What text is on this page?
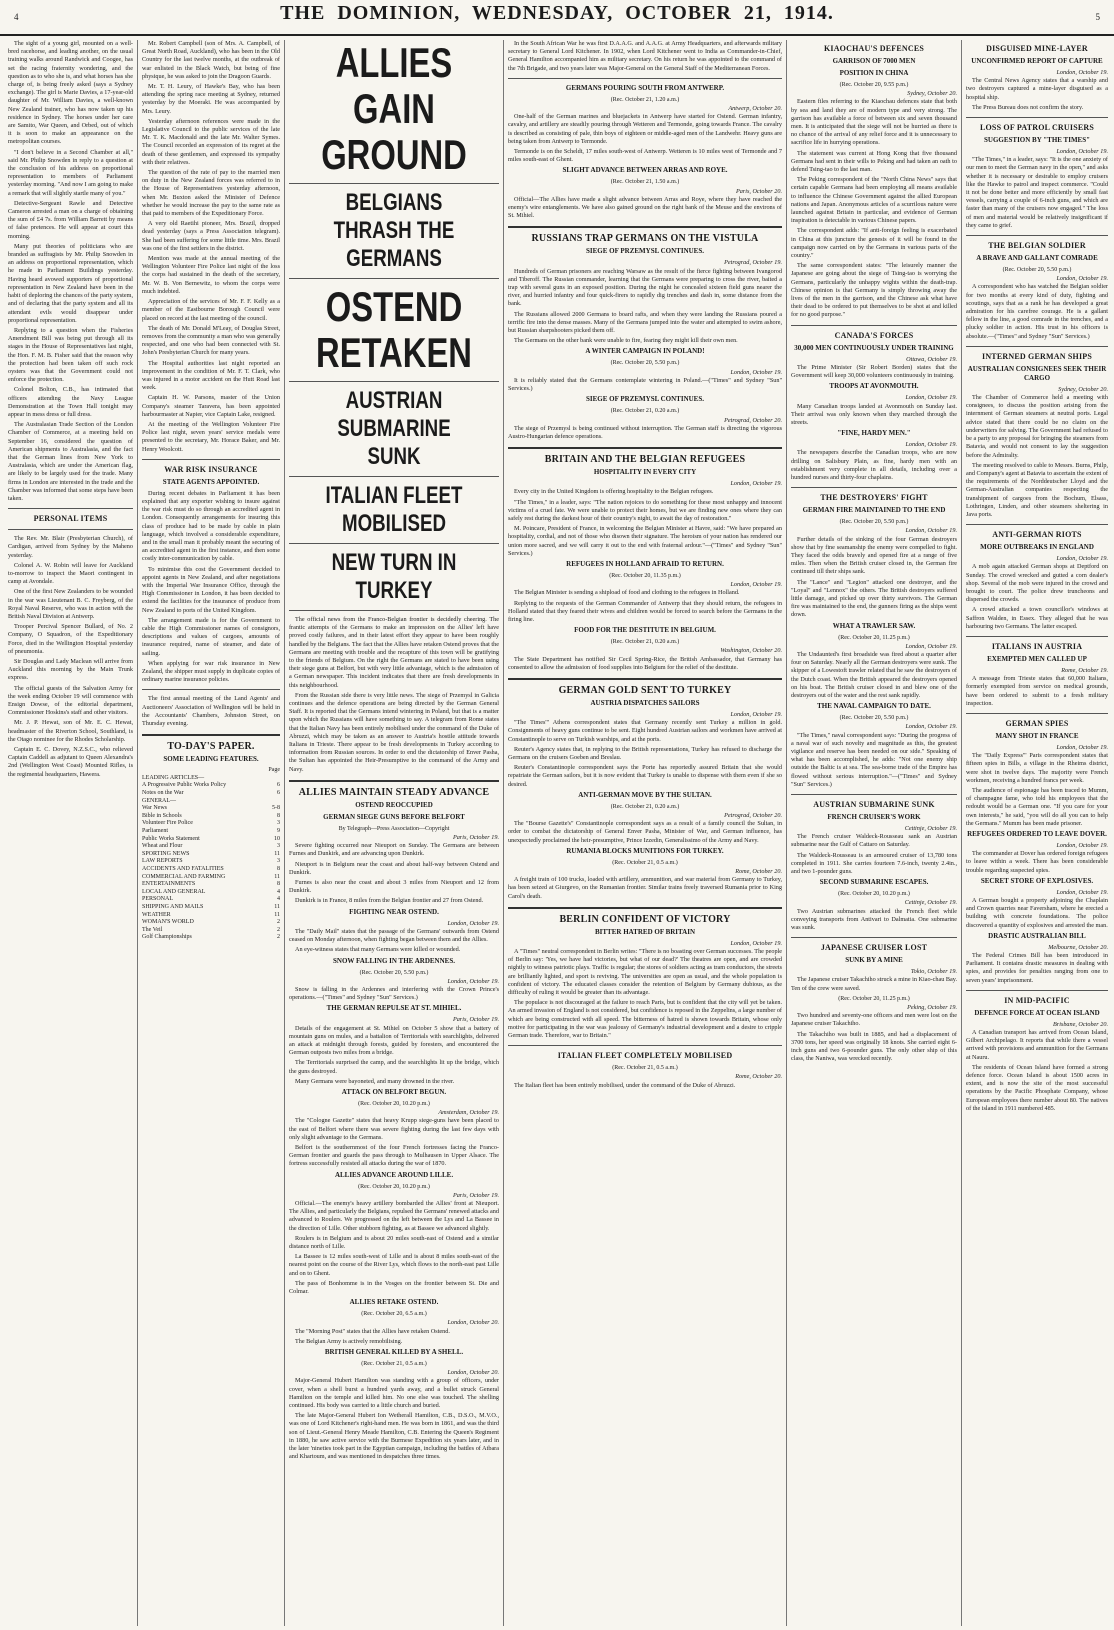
4	THE DOMINION, WEDNESDAY, OCTOBER 21, 1914.	5

The sight of a young girl, mounted on a well-bred racehorse, and leading another, on the usual training walks around Randwick and Coogee, has set the racing fraternity wondering, and the question as to who she is, and what horses has she charge of, is being freely asked (says a Sydney exchange). The girl is Marie Davies, a 17-year-old daughter of Mr. William Davies, a well-known New Zealand trainer, who has now taken up his residence in Sydney. The horses under her care are Samito, War Queen, and Orbed, out of which it is soon to make an appearance on the metropolitan courses.

"I don't believe in a Second Chamber at all," said Mr. Philip Snowden in reply to a question at the conclusion of his address on proportional representation to members of Parliament yesterday morning. "And now I am going to make a remark that will slightly startle many of you."

Detective-Sergeant Rawle and Detective Cameron arrested a man on a charge of obtaining the sum of £4 7s. from William Barrett by means of false pretences. He will appear at court this morning.

Many put theories of politicians who are branded as suffragists by Mr. Philip Snowden in an address on proportional representation, which he made in Parliament Buildings yesterday. Having heard avowed supporters of proportional representation in New Zealand have been in the habit of deploring the chances of the party system, and of declaring that the party system and all its attendant evils would disappear under proportional representation.

Replying to a question when the Fisheries Amendment Bill was being put through all its stages in the House of Representatives last night, the Hon. F. M. B. Fisher said that the reason why the protection had been taken off such rock oysters was that the Government could not enforce the protection.

Colonel Bolton, C.B., has intimated that officers attending the Navy League Demonstration at the Town Hall tonight may appear in mess dress or full dress.

The Australasian Trade Section of the London Chamber of Commerce, at a meeting held on September 16, considered the question of American shipments to Australasia, and the fact that the German lines from New York to Australasia, which are under the American flag, are likely to be largely used for the trade. Many firms in London are interested in the trade and the Chamber was informed that some steps have been taken.

PERSONAL ITEMS

The Rev. Mr. Blair (Presbyterian Church), of Cardigan, arrived from Sydney by the Maheno yesterday.

Colonel A. W. Robin will leave for Auckland to-morrow to inspect the Maori contingent in camp at Avondale.

One of the first New Zealanders to be wounded in the war was Lieutenant B. C. Freyberg, of the Royal Naval Reserve, who was in action with the British Naval Division at Antwerp.

Trooper Percival Spencer Bullard, of No. 2 Company, O Squadron, of the Expeditionary Force, died in the Wellington Hospital yesterday of pneumonia.

Sir Douglas and Lady Maclean will arrive from Auckland this morning by the Main Trunk express.

The official guests of the Salvation Army for the week ending October 19 will commence with Ensign Dowse, of the editorial department, Commissioner Hoskins's staff and other visitors.

Mr. J. P. Hewat, son of Mr. E. C. Hewat, headmaster of the Riverton School, Southland, is the Otago nominee for the Rhodes Scholarship.

Captain E. C. Dovey, N.Z.S.C., who relieved Captain Caddell as adjutant to Queen Alexandra's 2nd (Wellington West Coast) Mounted Rifles, is the regimental headquarters, Hawera.

Mr. Robert Campbell (son of Mrs. A. Campbell, of Great North Road, Auckland), who has been in the Old Country for the last twelve months, at the outbreak of war enlisted in the Black Watch, but being of fine physique, he was asked to join the Dragoon Guards.

Mr. T. H. Leury, of Hawke's Bay, who has been attending the spring race meeting at Sydney, returned yesterday by the Moeraki. He was accompanied by Mrs. Leury.

Yesterday afternoon references were made in the Legislative Council to the public services of the late Mr. T. K. Macdonald and the late Mr. Walter Symes. The Council recorded an expression of its regret at the death of these gentlemen, and expressed its sympathy with their relatives.

The question of the rate of pay to the married men on duty in the New Zealand forces was referred to in the House of Representatives yesterday afternoon, when Mr. Buxton asked the Minister of Defence whether he would increase the pay to the same rate as that paid to members of the Expeditionary Force.

A very old Raetihi pioneer, Mrs. Brazil, dropped dead yesterday (says a Press Association telegram). She had been suffering for some little time. Mrs. Brazil was one of the first settlers in the district.

Mention was made at the annual meeting of the Wellington Volunteer Fire Police last night of the loss the corps had sustained in the death of the secretary, Mr. W. B. Von Bernewitz, to whom the corps were much indebted.

Appreciation of the services of Mr. F. F. Kelly as a member of the Eastbourne Borough Council were placed on record at the last meeting of the council.

The death of Mr. Donald M'Leay, of Douglas Street, removes from the community a man who was generally respected, and one who had been connected with St. John's Presbyterian Church for many years.

The Hospital authorities last night reported an improvement in the condition of Mr. F. T. Clark, who was injured in a motor accident on the Hutt Road last week.

Captain H. W. Parsons, master of the Union Company's steamer Taravera, has been appointed harbourmaster at Napier, vice Captain Lake, resigned.

At the meeting of the Wellington Volunteer Fire Police last night, seven years' service medals were presented to the secretary, Mr. Horace Baker, and Mr. Henry Woolcott.

WAR RISK INSURANCE
STATE AGENTS APPOINTED.

During recent debates in Parliament it has been explained that any exporter wishing to insure against the war risk must do so through an accredited agent in London. Consequently arrangements for insuring this class of produce had to be made by cable in plain language, which involved a considerable expenditure, and in the small man it probably meant the securing of an accredited agent in the first instance, and then some costly inter-communication by cable.

To minimise this cost the Government decided to appoint agents in New Zealand, and after negotiations with the Imperial War Insurance Office, through the High Commissioner in London, it has been decided to extend the facilities for the insurance of produce from New Zealand to ports of the United Kingdom.

The arrangement made is for the Government to cable the High Commissioner names of consignors, descriptions and values of cargoes, amounts of insurance required, name of steamer, and date of sailing.

When applying for war risk insurance in New Zealand, the shipper must supply in duplicate copies of ordinary marine insurance policies.

The first annual meeting of the Land Agents' and Auctioneers' Association of Wellington will be held in the Accountants' Chambers, Johnston Street, on Thursday evening.

TO-DAY'S PAPER.
SOME LEADING FEATURES.
Page
LEADING ARTICLES—
A Progressive Public Works Policy	6
Notes on the War	6
GENERAL—
War News	5-8
Bible in Schools	8
Volunteer Fire Police	3
Parliament	9
Public Works Statement	10
Wheat and Flour	3
SPORTING NEWS	11
LAW REPORTS	3
ACCIDENTS AND FATALITIES	8
COMMERCIAL AND FARMING	11
ENTERTAINMENTS	8
LOCAL AND GENERAL	4
PERSONAL	4
SHIPPING AND MAILS	11
WEATHER	11
WOMAN'S WORLD	2
The Veil	2
Golf Championships	2
ALLIES GAIN GROUND
BELGIANS THRASH THE GERMANS
OSTEND RETAKEN
AUSTRIAN SUBMARINE SUNK
ITALIAN FLEET MOBILISED
NEW TURN IN TURKEY

The official news from the Franco-Belgian frontier is decidedly cheering. The frantic attempts of the Germans to make an impression on the Allies' left have proved costly failures, and in their latest effort they appear to have been roughly handled by the Belgians. The fact that the Allies have retaken Ostend proves that the Germans are meeting with trouble and the recapture of this town will be gratifying to the friends of Belgium. On the right the Germans are stated to have been using their siege guns at Belfort, but with very little advantage, which is the admission of a German newspaper. This incident indicates that there are fresh developments in this neighbourhood.

From the Russian side there is very little news. The siege of Przemysl in Galicia continues and the defence operations are being directed by the German General Staff. It is reported that the Germans intend wintering in Poland, but that is a matter upon which the Russians will have something to say. A telegram from Rome states that the Italian Navy has been entirely mobilised under the command of the Duke of Abruzzi, which may be taken as an answer to Austria's hostile attitude towards Italians in Trieste. There appear to be fresh developments in Turkey according to information from Russian sources. In order to end the dictatorship of Enver Pasha, the Sultan has appointed the Heir-Presumptive to the command of the Army and Navy.

ALLIES MAINTAIN STEADY ADVANCE
OSTEND REOCCUPIED
GERMAN SIEGE GUNS BEFORE BELFORT

By Telegraph—Press Association—Copyright

Paris, October 19.

Severe fighting occurred near Nieuport on Sunday. The Germans are between Furnes and Dunkirk, and are advancing upon Dunkirk.

Nieuport is in Belgium near the coast and about half-way between Ostend and Dunkirk.

Furnes is also near the coast and about 3 miles from Nieuport and 12 from Dunkirk.

Dunkirk is in France, 8 miles from the Belgian frontier and 27 from Ostend.

FIGHTING NEAR OSTEND.

London, October 19.

The "Daily Mail" states that the passage of the Germans' outwards from Ostend ceased on Monday afternoon, when fighting began between them and the Allies.

An eye-witness states that many Germans were killed or wounded.

SNOW FALLING IN THE ARDENNES.

(Rec. October 20, 5.50 p.m.)

London, October 19.

Snow is falling in the Ardennes and interfering with the Crown Prince's operations.—("Times" and Sydney "Sun" Services.)

THE GERMAN REPULSE AT ST. MIHIEL.

Paris, October 19.

Details of the engagement at St. Mihiel on October 5 show that a battery of mountain guns on mules, and a battalion of Territorials with searchlights, delivered an attack at midnight through forests, guided by foresters, and encountered the German outposts two miles from a bridge.

The Territorials surprised the camp, and the searchlights lit up the bridge, which the guns destroyed.

Many Germans were bayoneted, and many drowned in the river.

ATTACK ON BELFORT BEGUN.

(Rec. October 20, 10.20 p.m.)

Amsterdam, October 19.

The "Cologne Gazette" states that heavy Krupp siege-guns have been placed to the east of Belfort where there was severe fighting during the last few days with only slight advantage to the Germans.

Belfort is the southernmost of the four French fortresses facing the Franco-German frontier and guards the pass through to Mulhausen in Upper Alsace. The fortress successfully resisted all attacks during the war of 1870.

ALLIES ADVANCE AROUND LILLE.

(Rec. October 20, 10.20 p.m.)

Paris, October 19.

Official.—The enemy's heavy artillery bombarded the Allies' front at Nieuport. The Allies, and particularly the Belgians, repulsed the Germans' renewed attacks and advanced to Roulers. We progressed on the left between the Lys and La Bassee in the direction of Lille. Other stubborn fighting, as at Bassee we advanced slightly.

Roulers is in Belgium and is about 20 miles south-east of Ostend and a similar distance north of Lille.

La Bassee is 12 miles south-west of Lille and is about 8 miles south-east of the nearest point on the course of the River Lys, which flows to the north-east past Lille and on to Ghent.

The pass of Bonhomme is in the Vosges on the frontier between St. Die and Colmar.

ALLIES RETAKE OSTEND.

(Rec. October 20, 6.5 a.m.)

London, October 20.

The "Morning Post" states that the Allies have retaken Ostend.

The Belgian Army is actively remobilising.

BRITISH GENERAL KILLED BY A SHELL.

(Rec. October 21, 0.5 a.m.)

London, October 20.

Major-General Hubert Hamilton was standing with a group of officers, under cover, when a shell burst a hundred yards away, and a bullet struck General Hamilton on the temple and killed him. No one else was touched. The shelling continued. His body was carried to a little church and buried.

The late Major-General Hubert Ion Wetherall Hamilton, C.B., D.S.O., M.V.O., was one of Lord Kitchener's right-hand men. He was born in 1861, and was the third son of Lieut.-General Henry Meade Hamilton, C.B. Entering the Queen's Regiment in 1880, he saw active service with the Burmese Expedition six years later, and in the later 'nineties took part in the Egyptian campaign, including the battles of Atbara and Khartoum, and was mentioned in despatches three times.

In the South African War he was first D.A.A.G. and A.A.G. at Army Headquarters, and afterwards military secretary to General Lord Kitchener. In 1902, when Lord Kitchener went to India as Commander-in-Chief, General Hamilton accompanied him as military secretary. On his return he was appointed to the command of the 7th Brigade, and two years later was Major-General on the General Staff of the Mediterranean Forces.

GERMANS POURING SOUTH FROM ANTWERP.

(Rec. October 21, 1.20 a.m.)

Antwerp, October 20.

One-half of the German marines and bluejackets in Antwerp have started for Ostend. German infantry, cavalry, and artillery are steadily pouring through Wetteren and Termonde, going towards France. The cavalry is described as consisting of pale, thin boys of eighteen or middle-aged men of the Landwehr. Heavy guns are being taken from Antwerp to Termonde.

Termonde is on the Scheldt, 17 miles south-west of Antwerp. Wetteren is 10 miles west of Termonde and 7 miles south-east of Ghent.

SLIGHT ADVANCE BETWEEN ARRAS AND ROYE.

(Rec. October 21, 1.50 a.m.)

Paris, October 20.

Official—The Allies have made a slight advance between Arras and Roye, where they have reached the enemy's wire entanglements. We have also gained ground on the right bank of the Meuse and the environs of St. Mihiel.

RUSSIANS TRAP GERMANS ON THE VISTULA
SIEGE OF PRZEMYSL CONTINUES.

Petrograd, October 19.

Hundreds of German prisoners are reaching Warsaw as the result of the fierce fighting between Ivangorod and Tiberoff. The Russian commander, learning that the Germans were preparing to cross the river, baited a trap with several guns in an exposed position. During the night he concealed sixteen field guns nearer the river, and hurried infantry and four quick-firers to rapidly dig trenches and dash in, some distance from the bank.

The Russians allowed 2000 Germans to board rafts, and when they were landing the Russians poured a terrific fire into the dense masses. Many of the Germans jumped into the water and attempted to swim ashore, but Russian sharpshooters picked them off.

The Germans on the other bank were unable to fire, fearing they might kill their own men.

A WINTER CAMPAIGN IN POLAND!

(Rec. October 20, 5.50 p.m.)

London, October 19.

It is reliably stated that the Germans contemplate wintering in Poland.—("Times" and Sydney "Sun" Services.)

SIEGE OF PRZEMYSL CONTINUES.

(Rec. October 21, 0.20 a.m.)

Petrograd, October 20.

The siege of Przemysl is being continued without interruption. The German staff is directing the vigorous Austro-Hungarian defence operations.

BRITAIN AND THE BELGIAN REFUGEES
HOSPITALITY IN EVERY CITY

London, October 19.

Every city in the United Kingdom is offering hospitality to the Belgian refugees.

"The Times," in a leader, says: "The nation rejoices to do something for these most unhappy and innocent victims of a cruel fate. We were unable to protect their homes, but we are finding new ones where they can safely rest during the darkest hour of their country's night, to await the day of restoration."

M. Poincare, President of France, in welcoming the Belgian Minister at Havre, said: "We have prepared an hospitality, cordial, and not of those who disown their signature. The heroism of your nation has rendered our union more sacred, and we will carry it out to the end with fraternal ardour."—("Times" and Sydney "Sun" Services.)

REFUGEES IN HOLLAND AFRAID TO RETURN.

(Rec. October 20, 11.35 p.m.)

London, October 19.

The Belgian Minister is sending a shipload of food and clothing to the refugees in Holland.

Replying to the requests of the German Commander of Antwerp that they should return, the refugees in Holland stated that they feared their wives and children would be forced to search before the Germans in the firing line.

FOOD FOR THE DESTITUTE IN BELGIUM.

(Rec. October 21, 0.20 a.m.)

Washington, October 20.

The State Department has notified Sir Cecil Spring-Rice, the British Ambassador, that Germany has consented to allow the admission of food supplies into Belgium for the relief of the destitute.

GERMAN GOLD SENT TO TURKEY
AUSTRIA DISPATCHES SAILORS

London, October 19.

"The Times'" Athens correspondent states that Germany recently sent Turkey a million in gold. Consignments of heavy guns continue to be sent. Eight hundred Austrian sailors and workmen have arrived at Constantinople to serve on Turkish warships, and at the ports.

Reuter's Agency states that, in replying to the British representations, Turkey has refused to discharge the Germans on the cruisers Goeben and Breslau.

Reuter's Constantinople correspondent says the Porte has reportedly assured Britain that she would repatriate the German sailors, but it is now evident that Turkey is unable to dispense with them even if she so desired.

ANTI-GERMAN MOVE BY THE SULTAN.

(Rec. October 21, 0.20 a.m.)

Petrograd, October 20.

The "Bourse Gazette's" Constantinople correspondent says as a result of a family council the Sultan, in order to combat the dictatorship of General Enver Pasha, Minister of War, and German influence, has unexpectedly proclaimed the heir-presumptive, Prince Izzedin, Generalissimo of the Army and Navy.

RUMANIA BLOCKS MUNITIONS FOR TURKEY.

(Rec. October 21, 0.5 a.m.)

Rome, October 20.

A freight train of 100 trucks, loaded with artillery, ammunition, and war material from Germany to Turkey, has been seized at Giurgevo, on the Rumanian frontier. Similar trains freely traversed Rumania prior to King Carol's death.

BERLIN CONFIDENT OF VICTORY
BITTER HATRED OF BRITAIN

London, October 19.

A "Times" neutral correspondent in Berlin writes: "There is no boasting over German successes. The people of Berlin say: 'Yes, we have had victories, but what of our dead?' The theatres are open, and are crowded nightly to witness patriotic plays. Traffic is regular; the stores of soldiers acting as tram conductors, the streets are brilliantly lighted, and sport is reviving. The universities are open as usual, and the whole population is confident of victory. The educated classes consider the retention of Belgium by Germany dubious, as the difficulty of ruling it would be greater than its advantage.

The populace is not discouraged at the failure to reach Paris, but is confident that the city will yet be taken. An armed invasion of England is not considered, but confidence is reposed in the Zeppelins, a large number of which are being constructed with all speed. The bitterness of hatred is shown towards Britain, whose only motive for participating in the war was jealousy of Germany's industrial development and a desire to cripple German trade. Therefore, war to Britain."

ITALIAN FLEET COMPLETELY MOBILISED

(Rec. October 21, 0.5 a.m.)

Rome, October 20.

The Italian fleet has been entirely mobilised, under the command of the Duke of Abruzzi.

KIAOCHAU'S DEFENCES
GARRISON OF 7000 MEN
POSITION IN CHINA

(Rec. October 20, 9.55 p.m.)

Sydney, October 20.

Eastern files referring to the Kiaochau defences state that both by sea and land they are of modern type and very strong. The garrison has available a force of between six and seven thousand men. It is anticipated that the siege will not be hurried as there is no chance of the arrival of any relief force and it is unnecessary to sacrifice life in hurrying operations.

The statement was current at Hong Kong that five thousand Germans had sent in their wills to Peking and had taken an oath to defend Tsing-tao to the last man.

The Peking correspondent of the "North China News" says that certain capable Germans had been employing all means available to influence the Chinese Government against the allied European nations and Japan. Anonymous articles of a scurrilous nature were launched against Britain in particular, and evidence of German inspiration is detectable in various Chinese papers.

The correspondent adds: "If anti-foreign feeling is exacerbated in China at this juncture the genesis of it will be found in the campaign now carried on by the Germans in various parts of the country."

The same correspondent states: "The leisurely manner the Japanese are going about the siege of Tsing-tao is worrying the Germans, particularly the unhappy wights within the death-trap. Chinese opinion is that Germany is simply throwing away the lives of the men in the garrison, and the Chinese ask what have their dead to be ordered to put themselves to be shot at and killed for no good purpose."

CANADA'S FORCES
30,000 MEN CONTINUOUSLY UNDER TRAINING

Ottawa, October 19.

The Prime Minister (Sir Robert Borden) states that the Government will keep 30,000 volunteers continuously in training.

TROOPS AT AVONMOUTH.

London, October 19.

Many Canadian troops landed at Avonmouth on Sunday last. Their arrival was only known when they marched through the streets.

"FINE, HARDY MEN."

London, October 19.

The newspapers describe the Canadian troops, who are now drilling on Salisbury Plain, as fine, hardy men with an establishment very complete in all details, including over a hundred nurses and thirty-four chaplains.

THE DESTROYERS' FIGHT
GERMAN FIRE MAINTAINED TO THE END

(Rec. October 20, 5.50 p.m.)

London, October 19.

Further details of the sinking of the four German destroyers show that by fine seamanship the enemy were compelled to fight. They faced the odds bravely and opened fire at a range of five miles. Then when the British cruiser closed in, the German fire continued till their ships sank.

The "Lance" and "Legion" attacked one destroyer, and the "Loyal" and "Lennox" the others. The British destroyers suffered little damage, and picked up over thirty survivors. The German fire was maintained to the end, the gunners firing as the ships went down.

WHAT A TRAWLER SAW.

(Rec. October 20, 11.25 p.m.)

London, October 19.

The Undaunted's first broadside was fired about a quarter after four on Saturday. Nearly all the German destroyers were sunk. The skipper of a Lowestoft trawler related that he saw the destroyers of the Dutch coast. When the British appeared the destroyers opened on his boat. The British cruiser closed in and blew one of the destroyers out of the water and the rest sank rapidly.

THE NAVAL CAMPAIGN TO DATE.

(Rec. October 20, 5.50 p.m.)

London, October 19.

"The Times," naval correspondent says: "During the progress of a naval war of such novelty and magnitude as this, the greatest vigilance and reserve has been needed on our side." Speaking of what has been accomplished, he adds: "Not one enemy ship outside the Baltic is at sea. The sea-borne trade of the Empire has flowed without serious interruption."—("Times" and Sydney "Sun" Services.)

AUSTRIAN SUBMARINE SUNK
FRENCH CRUISER'S WORK

Cettinje, October 19.

The French cruiser Waldeck-Rousseau sank an Austrian submarine near the Gulf of Cattaro on Saturday.

The Waldeck-Rousseau is an armoured cruiser of 13,780 tons completed in 1911. She carries fourteen 7.6-inch, twenty 2.4in., and two 1-pounder guns.

SECOND SUBMARINE ESCAPES.

(Rec. October 20, 10.20 p.m.)

Cettinje, October 19.

Two Austrian submarines attacked the French fleet while conveying transports from Antivari to Dalmatia. One submarine was sunk.

JAPANESE CRUISER LOST
SUNK BY A MINE

Tokio, October 19.

The Japanese cruiser Takachiho struck a mine in Kiao-chau Bay. Ten of the crew were saved.

(Rec. October 20, 11.25 p.m.)

Peking, October 19.

Two hundred and seventy-one officers and men were lost on the Japanese cruiser Takachiho.

The Takachiho was built in 1885, and had a displacement of 3700 tons, her speed was originally 18 knots. She carried eight 6-inch guns and two 6-pounder guns. The only other ship of this class, the Naniwa, was wrecked recently.

DISGUISED MINE-LAYER
UNCONFIRMED REPORT OF CAPTURE

London, October 19.

The Central News Agency states that a warship and two destroyers captured a mine-layer disguised as a hospital ship.

The Press Bureau does not confirm the story.

LOSS OF PATROL CRUISERS
SUGGESTION BY "THE TIMES"

London, October 19.

"The Times," in a leader, says: "It is the one anxiety of our men to meet the German navy in the open," and asks whether it is necessary or desirable to employ cruisers like the Hawke to patrol and inspect commerce. "Could it not be done better and more efficiently by small fast vessels, carrying a couple of 6-inch guns, and which are faster than many of the cruisers now engaged." The loss of men and material would be relatively insignificant if they came to grief.

THE BELGIAN SOLDIER
A BRAVE AND GALLANT COMRADE

(Rec. October 20, 5.50 p.m.)

London, October 19.

A correspondent who has watched the Belgian soldier for two months at every kind of duty, fighting and scoutings, says that as a rank he has developed a great admiration for his carefree courage. He is a gallant fellow in the line, a good comrade in the trenches, and a plucky soldier in action. His trust in his officers is absolute.—("Times" and Sydney "Sun" Services.)

INTERNED GERMAN SHIPS
AUSTRALIAN CONSIGNEES SEEK THEIR CARGO

Sydney, October 20.

The Chamber of Commerce held a meeting with consignees, to discuss the position arising from the internment of German steamers at neutral ports. Legal advice stated that there could be no claim on the underwriters for salving. The Government had refused to be a party to any proposal for bringing the steamers from Batavia, and would not consent to lay the suggestion before the Admiralty.

The meeting resolved to cable to Messrs. Burns, Philp, and Company's agent at Batavia to ascertain the extent of the requirements of the Norddeutscher Lloyd and the German-Australian companies respecting the transhipment of cargoes from the Bochum, Elsass, Lothringen, Linden, and other steamers sheltering in Java ports.

ANTI-GERMAN RIOTS
MORE OUTBREAKS IN ENGLAND

London, October 19.

A mob again attacked German shops at Deptford on Sunday. The crowd wrecked and gutted a corn dealer's shop. Several of the mob were injured in the crowd and brought to court. The police drew truncheons and dispersed the crowds.

A crowd attacked a town councillor's windows at Saffron Walden, in Essex. They alleged that he was harbouring two Germans. The latter escaped.

ITALIANS IN AUSTRIA
EXEMPTED MEN CALLED UP

Rome, October 19.

A message from Trieste states that 60,000 Italians, formerly exempted from service on medical grounds, have been ordered to submit to a fresh military inspection.

GERMAN SPIES
MANY SHOT IN FRANCE

London, October 19.

The "Daily Express'" Paris correspondent states that fifteen spies in Bills, a village in the Rheims district, were shot in twelve days. The majority were French workmen, receiving a hundred francs per week.

The audience of espionage has been traced to Mumm, of champagne fame, who told his employees that the redoubt would be a German one. "If you care for your own interests," he said, "you will do all you can to help the Germans." Mumm has been made prisoner.

REFUGEES ORDERED TO LEAVE DOVER.

London, October 19.

The commander at Dover has ordered foreign refugees to leave within a week. There has been considerable trouble regarding suspected spies.

SECRET STORE OF EXPLOSIVES.

London, October 19.

A German bought a property adjoining the Chaplain and Crown quarries near Faversham, where he erected a building with concrete foundations. The police discovered a quantity of explosives and arrested the man.

DRASTIC AUSTRALIAN BILL

Melbourne, October 20.

The Federal Crimes Bill has been introduced in Parliament. It contains drastic measures in dealing with spies, and provides for penalties ranging from one to seven years' imprisonment.

IN MID-PACIFIC
DEFENCE FORCE AT OCEAN ISLAND

Brisbane, October 20.

A Canadian transport has arrived from Ocean Island, Gilbert Archipelago. It reports that while there a vessel arrived with provisions and ammunition for the Germans at Nauru.

The residents of Ocean Island have formed a strong defence force. Ocean Island is about 1500 acres in extent, and is now the site of the most successful operations by the Pacific Phosphate Company, whose European employees there number about 80. The natives of the island in 1911 numbered 485.
